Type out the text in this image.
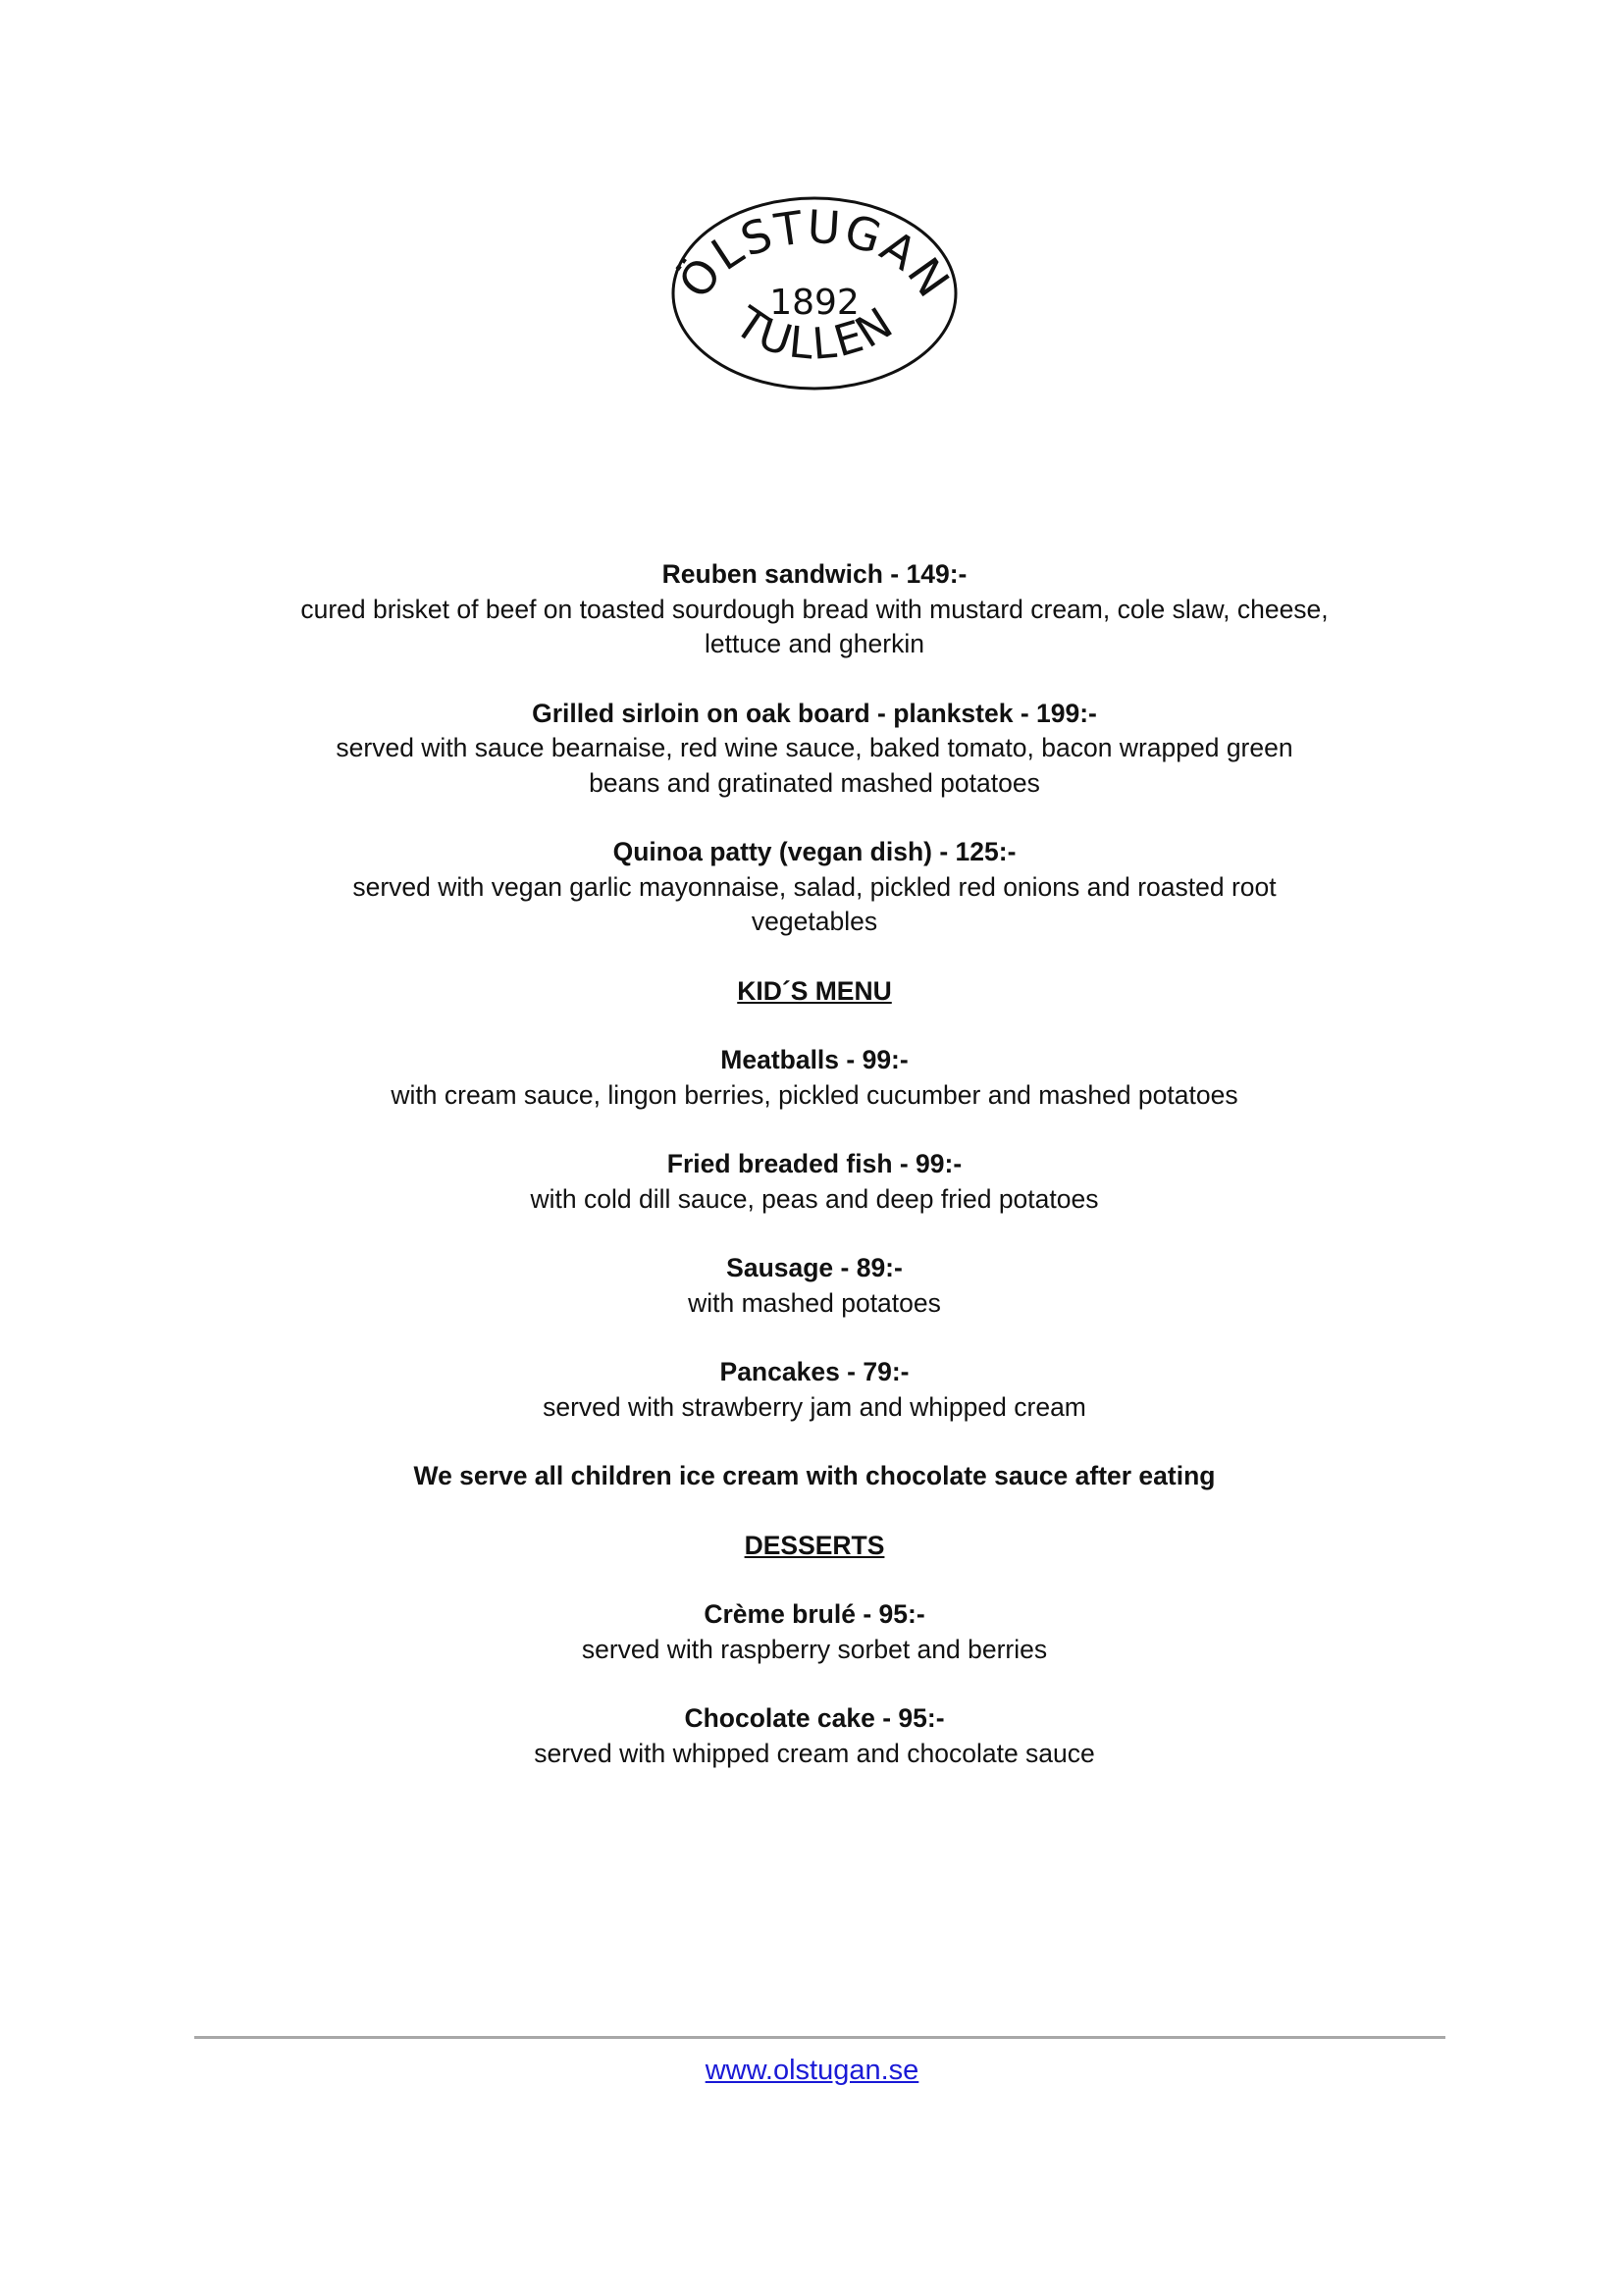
ÖLSTUGAN
1892
TULLEN
Reuben sandwich - 149:-
cured brisket of beef on toasted sourdough bread with mustard cream, cole slaw, cheese,
lettuce and gherkin
Grilled sirloin on oak board - plankstek - 199:-
served with sauce bearnaise, red wine sauce, baked tomato, bacon wrapped green
beans and gratinated mashed potatoes
Quinoa patty (vegan dish) - 125:-
served with vegan garlic mayonnaise, salad, pickled red onions and roasted root
vegetables
KID´S MENU
Meatballs - 99:-
with cream sauce, lingon berries, pickled cucumber and mashed potatoes
Fried breaded fish - 99:-
with cold dill sauce, peas and deep fried potatoes
Sausage - 89:-
with mashed potatoes
Pancakes - 79:-
served with strawberry jam and whipped cream
We serve all children ice cream with chocolate sauce after eating
DESSERTS
Crème brulé - 95:-
served with raspberry sorbet and berries
Chocolate cake - 95:-
served with whipped cream and chocolate sauce
www.olstugan.se
